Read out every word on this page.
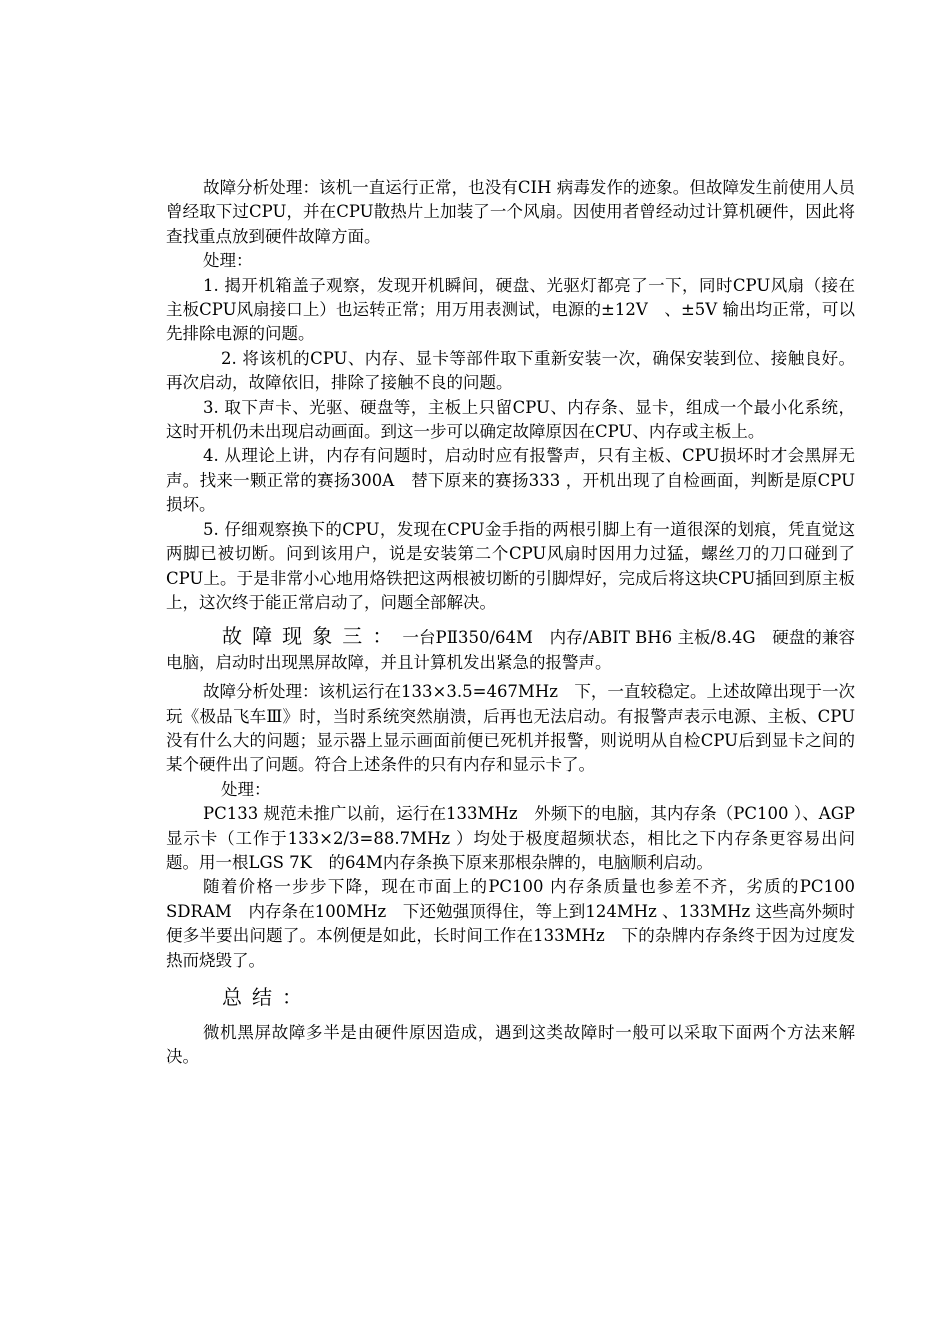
故障分析处理：该机一直运行正常，也没有CIH 病毒发作的迹象。但故障发生前使用人员曾经取下过CPU，并在CPU散热片上加装了一个风扇。因使用者曾经动过计算机硬件，因此将查找重点放到硬件故障方面。

处理：

1. 揭开机箱盖子观察，发现开机瞬间，硬盘、光驱灯都亮了一下，同时CPU风扇（接在主板CPU风扇接口上）也运转正常；用万用表测试，电源的±12V　、±5V 输出均正常，可以先排除电源的问题。

2. 将该机的CPU、内存、显卡等部件取下重新安装一次，确保安装到位、接触良好。再次启动，故障依旧，排除了接触不良的问题。

3. 取下声卡、光驱、硬盘等，主板上只留CPU、内存条、显卡，组成一个最小化系统，这时开机仍未出现启动画面。到这一步可以确定故障原因在CPU、内存或主板上。

4. 从理论上讲，内存有问题时，启动时应有报警声，只有主板、CPU损坏时才会黑屏无声。找来一颗正常的赛扬300A　替下原来的赛扬333 ，开机出现了自检画面，判断是原CPU损坏。

5. 仔细观察换下的CPU，发现在CPU金手指的两根引脚上有一道很深的划痕，凭直觉这两脚已被切断。问到该用户，说是安装第二个CPU风扇时因用力过猛，螺丝刀的刀口碰到了CPU上。于是非常小心地用烙铁把这两根被切断的引脚焊好，完成后将这块CPU插回到原主板上，这次终于能正常启动了，问题全部解决。

故障现象三：一台PⅡ350/64M　内存/ABIT BH6 主板/8.4G　硬盘的兼容电脑，启动时出现黑屏故障，并且计算机发出紧急的报警声。

故障分析处理：该机运行在133×3.5=467MHz　下，一直较稳定。上述故障出现于一次玩《极品飞车Ⅲ》时，当时系统突然崩溃，后再也无法启动。有报警声表示电源、主板、CPU没有什么大的问题；显示器上显示画面前便已死机并报警，则说明从自检CPU后到显卡之间的某个硬件出了问题。符合上述条件的只有内存和显示卡了。

处理：

PC133 规范未推广以前，运行在133MHz　外频下的电脑，其内存条（PC100 ）、AGP显示卡（工作于133×2/3=88.7MHz ）均处于极度超频状态，相比之下内存条更容易出问题。用一根LGS 7K　的64M内存条换下原来那根杂牌的，电脑顺利启动。

随着价格一步步下降，现在市面上的PC100 内存条质量也参差不齐，劣质的PC100 SDRAM　内存条在100MHz　下还勉强顶得住，等上到124MHz 、133MHz 这些高外频时便多半要出问题了。本例便是如此，长时间工作在133MHz　下的杂牌内存条终于因为过度发热而烧毁了。

总结：

微机黑屏故障多半是由硬件原因造成，遇到这类故障时一般可以采取下面两个方法来解决。
